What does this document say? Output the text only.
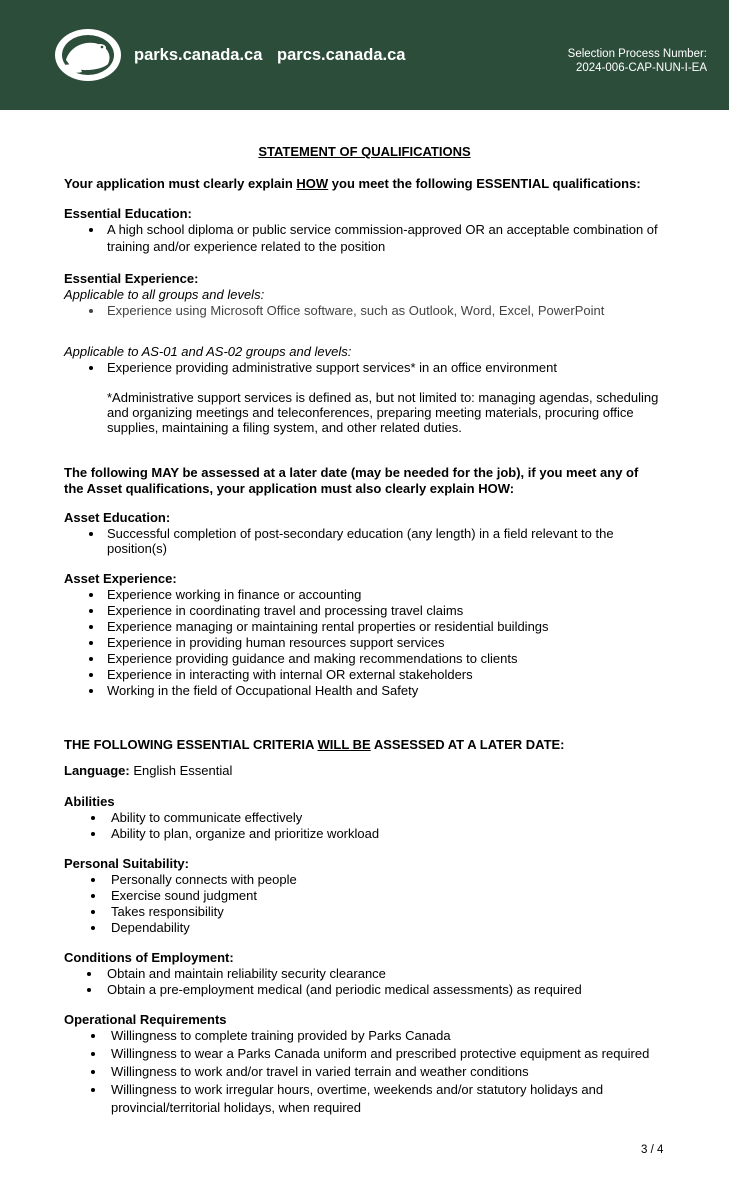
parks.canada.ca parcs.canada.ca	Selection Process Number:
2024-006-CAP-NUN-I-EA
STATEMENT OF QUALIFICATIONS
Your application must clearly explain HOW you meet the following ESSENTIAL qualifications:
Essential Education:
A high school diploma or public service commission-approved OR an acceptable combination of
training and/or experience related to the position
Essential Experience:
Applicable to all groups and levels:
Experience using Microsoft Office software, such as Outlook, Word, Excel, PowerPoint
Applicable to AS-01 and AS-02 groups and levels:
Experience providing administrative support services* in an office environment
*Administrative support services is defined as, but not limited to: managing agendas, scheduling
and organizing meetings and teleconferences, preparing meeting materials, procuring office
supplies, maintaining a filing system, and other related duties.
The following MAY be assessed at a later date (may be needed for the job), if you meet any of
the Asset qualifications, your application must also clearly explain HOW:
Asset Education:
Successful completion of post-secondary education (any length) in a field relevant to the
position(s)
Asset Experience:
Experience working in finance or accounting
Experience in coordinating travel and processing travel claims
Experience managing or maintaining rental properties or residential buildings
Experience in providing human resources support services
Experience providing guidance and making recommendations to clients
Experience in interacting with internal OR external stakeholders
Working in the field of Occupational Health and Safety
THE FOLLOWING ESSENTIAL CRITERIA WILL BE ASSESSED AT A LATER DATE:
Language: English Essential
Abilities
Ability to communicate effectively
Ability to plan, organize and prioritize workload
Personal Suitability:
Personally connects with people
Exercise sound judgment
Takes responsibility
Dependability
Conditions of Employment:
Obtain and maintain reliability security clearance
Obtain a pre-employment medical (and periodic medical assessments) as required
Operational Requirements
Willingness to complete training provided by Parks Canada
Willingness to wear a Parks Canada uniform and prescribed protective equipment as required
Willingness to work and/or travel in varied terrain and weather conditions
Willingness to work irregular hours, overtime, weekends and/or statutory holidays and
provincial/territorial holidays, when required
3 / 4
